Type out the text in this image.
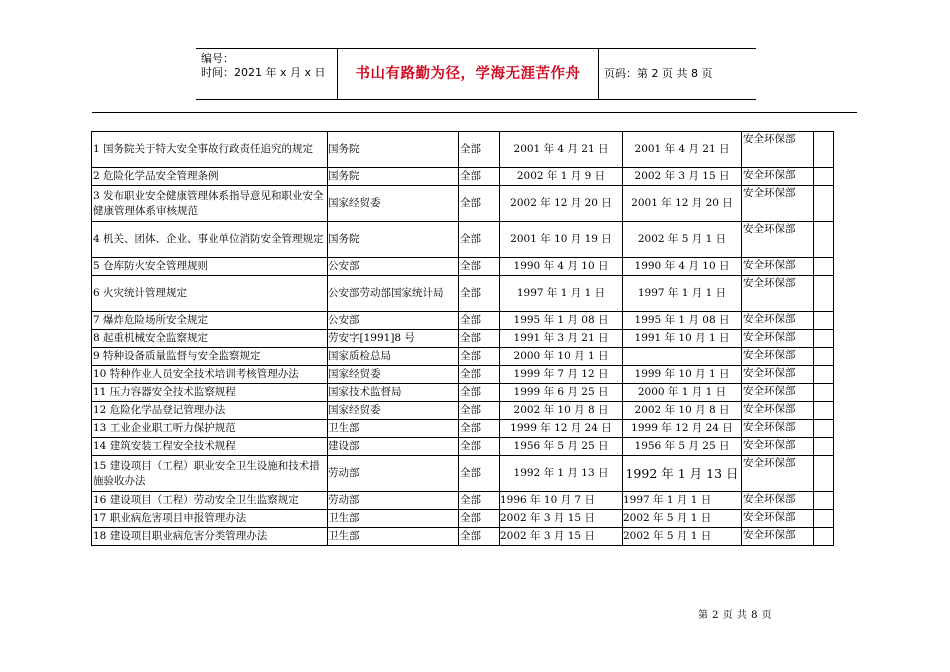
编号：
时间：2021 年 x 月 x 日	书山有路勤为径，学海无涯苦作舟	页码：第 2 页 共 8 页
1 国务院关于特大安全事故行政责任追究的规定	国务院	全部	2001 年 4 月 21 日	2001 年 4 月 21 日	安全环保部	
2 危险化学品安全管理条例	国务院	全部	2002 年 1 月 9 日	2002 年 3 月 15 日	安全环保部	
3 发布职业安全健康管理体系指导意见和职业安全健康管理体系审核规范	国家经贸委	全部	2002 年 12 月 20 日	2001 年 12 月 20 日	安全环保部	
4 机关、团体、企业、事业单位消防安全管理规定	国务院	全部	2001 年 10 月 19 日	2002 年 5 月 1 日	安全环保部	
5 仓库防火安全管理规则	公安部	全部	1990 年 4 月 10 日	1990 年 4 月 10 日	安全环保部	
6 火灾统计管理规定	公安部劳动部国家统计局	全部	1997 年 1 月 1 日	1997 年 1 月 1 日	安全环保部	
7 爆炸危险场所安全规定	公安部	全部	1995 年 1 月 08 日	1995 年 1 月 08 日	安全环保部	
8 起重机械安全监察规定	劳安字[1991]8 号	全部	1991 年 3 月 21 日	1991 年 10 月 1 日	安全环保部	
9 特种设备质量监督与安全监察规定	国家质检总局	全部	2000 年 10 月 1 日		安全环保部	
10 特种作业人员安全技术培训考核管理办法	国家经贸委	全部	1999 年 7 月 12 日	1999 年 10 月 1 日	安全环保部	
11 压力容器安全技术监察规程	国家技术监督局	全部	1999 年 6 月 25 日	2000 年 1 月 1 日	安全环保部	
12 危险化学品登记管理办法	国家经贸委	全部	2002 年 10 月 8 日	2002 年 10 月 8 日	安全环保部	
13 工业企业职工听力保护规范	卫生部	全部	1999 年 12 月 24 日	1999 年 12 月 24 日	安全环保部	
14 建筑安装工程安全技术规程	建设部	全部	1956 年 5 月 25 日	1956 年 5 月 25 日	安全环保部	
15 建设项目（工程）职业安全卫生设施和技术措施验收办法	劳动部	全部	1992 年 1 月 13 日	1992 年 1 月 13 日	安全环保部	
16 建设项目（工程）劳动安全卫生监察规定	劳动部	全部	1996 年 10 月 7 日	1997 年 1 月 1 日	安全环保部	
17 职业病危害项目申报管理办法	卫生部	全部	2002 年 3 月 15 日	2002 年 5 月 1 日	安全环保部	
18 建设项目职业病危害分类管理办法	卫生部	全部	2002 年 3 月 15 日	2002 年 5 月 1 日	安全环保部	
第 2 页 共 8 页
